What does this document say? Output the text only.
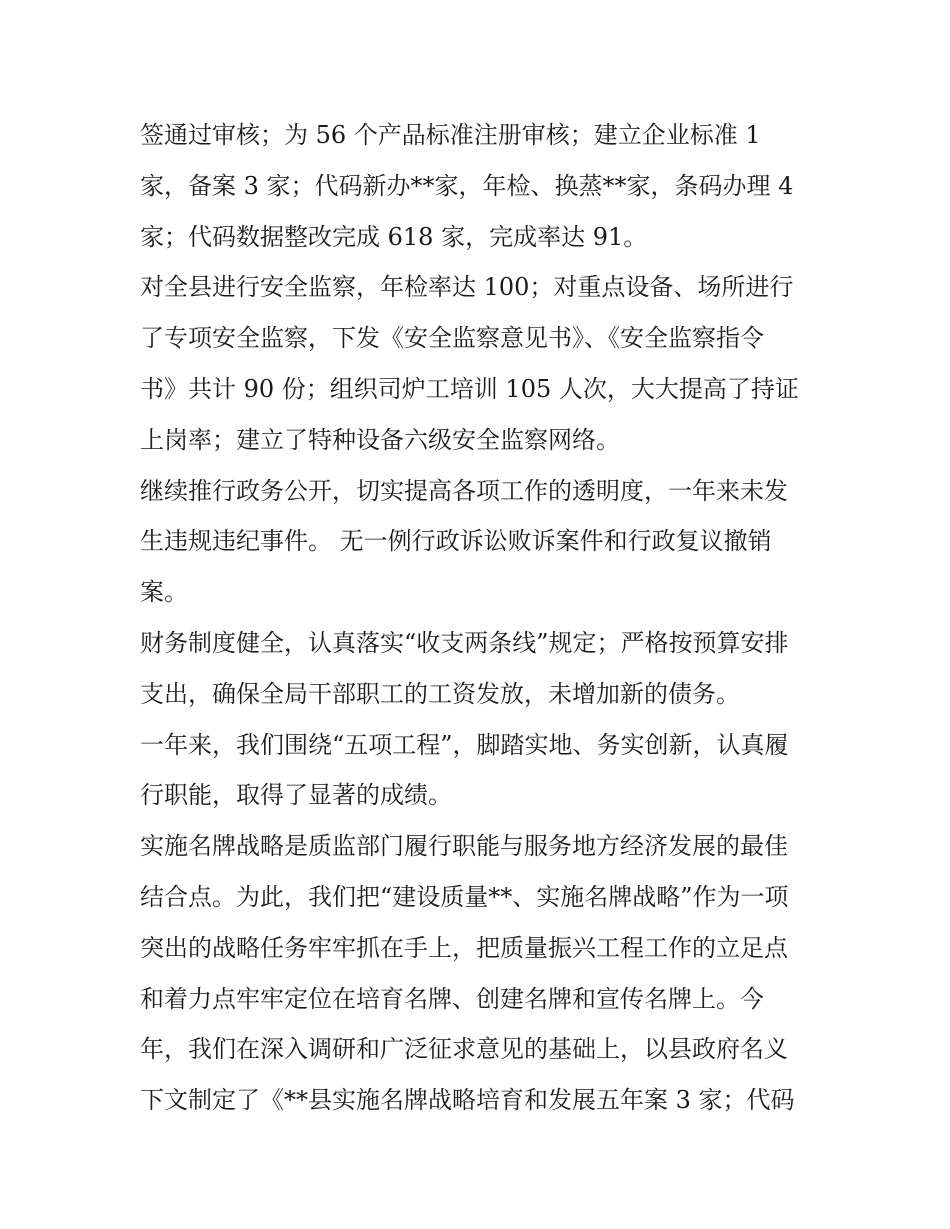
签通过审核；为 56 个产品标准注册审核；建立企业标准 1
家，备案 3 家；代码新办**家，年检、换蒸**家，条码办理 4
家；代码数据整改完成 618 家，完成率达 91。
对全县进行安全监察，年检率达 100；对重点设备、场所进行
了专项安全监察，下发《安全监察意见书》、《安全监察指令
书》共计 90 份；组织司炉工培训 105 人次，大大提高了持证
上岗率；建立了特种设备六级安全监察网络。
继续推行政务公开，切实提高各项工作的透明度，一年来未发
生违规违纪事件。 无一例行政诉讼败诉案件和行政复议撤销
案。
财务制度健全，认真落实“收支两条线”规定；严格按预算安排
支出，确保全局干部职工的工资发放，未增加新的债务。
一年来，我们围绕“五项工程”，脚踏实地、务实创新，认真履
行职能，取得了显著的成绩。
实施名牌战略是质监部门履行职能与服务地方经济发展的最佳
结合点。为此，我们把“建设质量**、实施名牌战略”作为一项
突出的战略任务牢牢抓在手上，把质量振兴工程工作的立足点
和着力点牢牢定位在培育名牌、创建名牌和宣传名牌上。今
年，我们在深入调研和广泛征求意见的基础上，以县政府名义
下文制定了《**县实施名牌战略培育和发展五年案 3 家；代码
